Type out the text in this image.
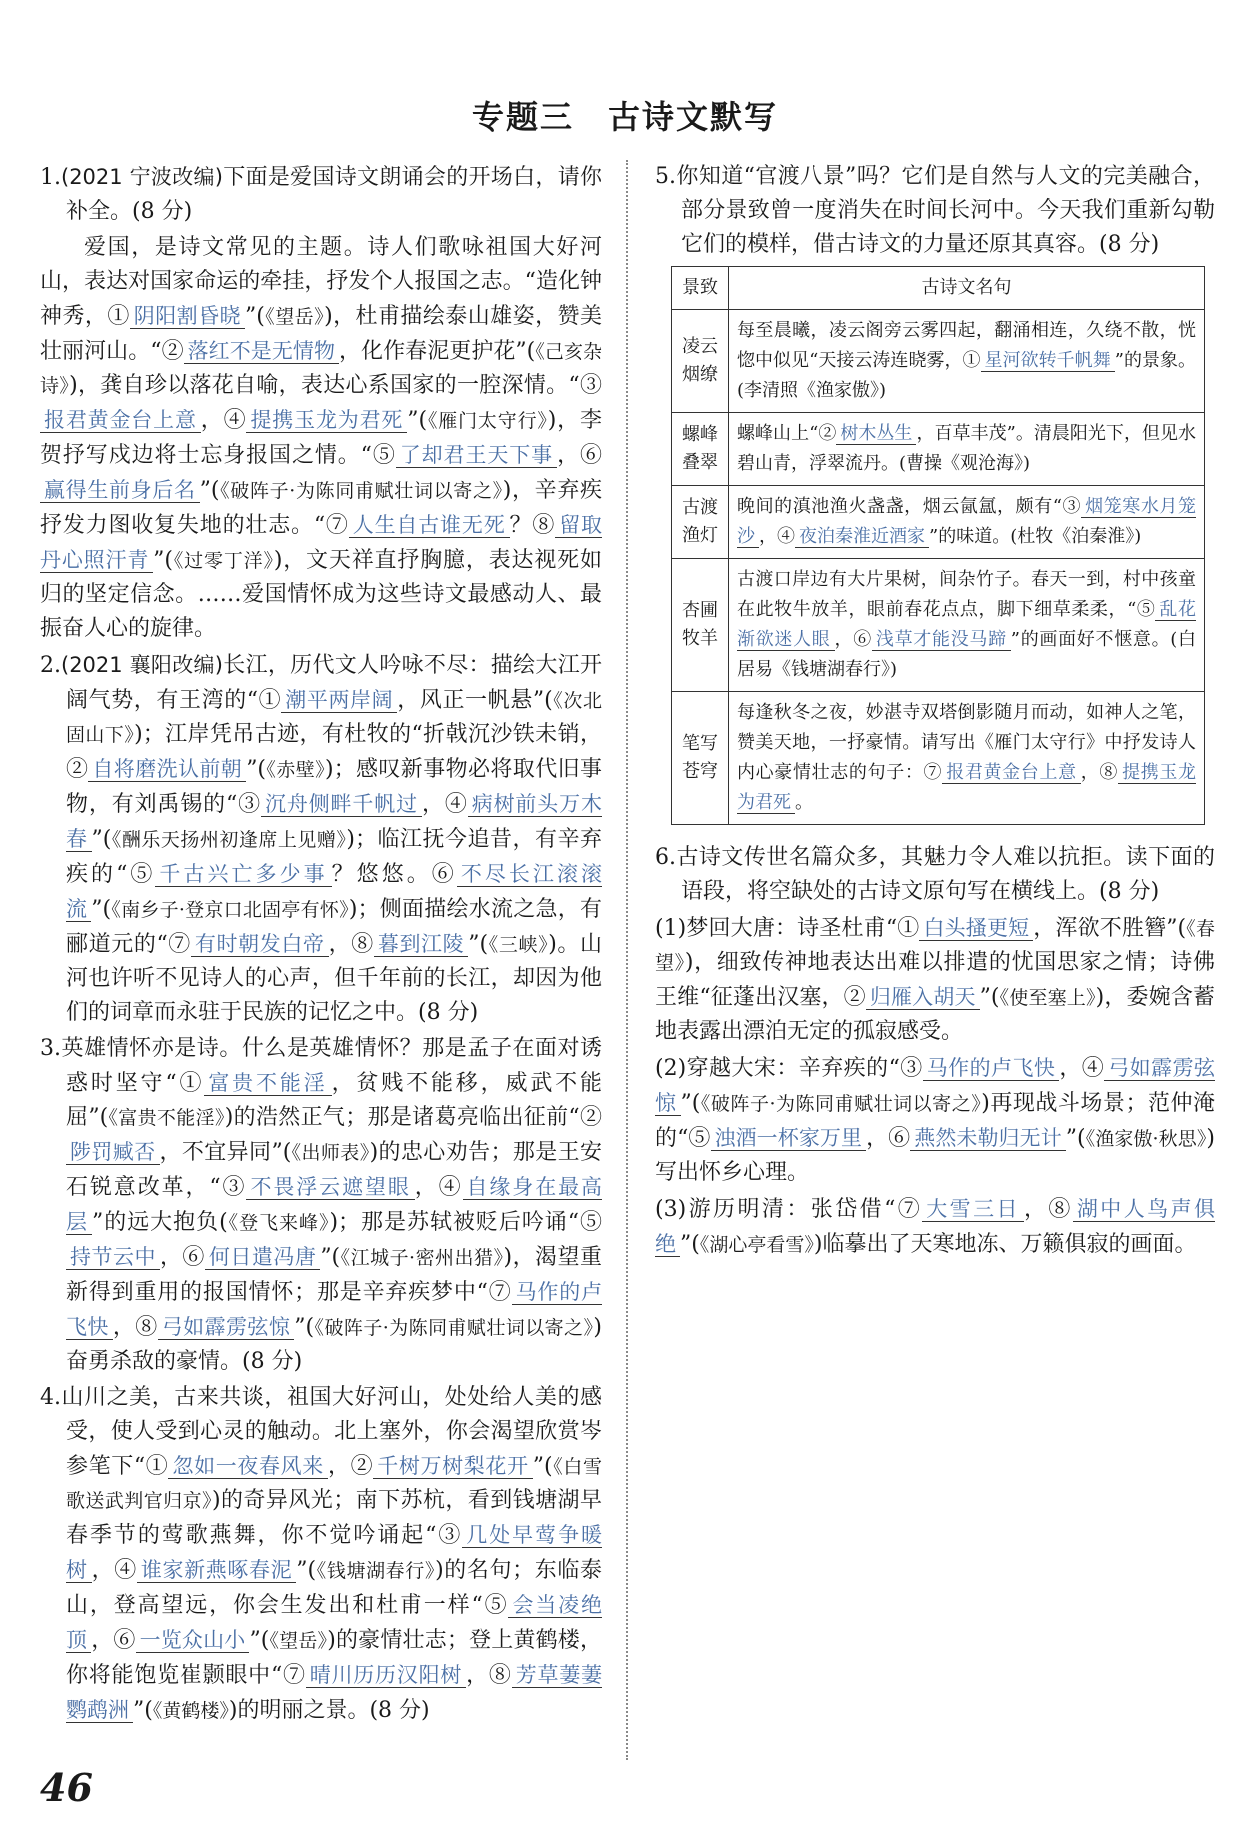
专题三　古诗文默写

1.(2021 宁波改编)下面是爱国诗文朗诵会的开场白，请你补全。(8 分)

爱国，是诗文常见的主题。诗人们歌咏祖国大好河山，表达对国家命运的牵挂，抒发个人报国之志。“造化钟神秀，① 阴阳割昏晓 ”(《望岳》)，杜甫描绘泰山雄姿，赞美壮丽河山。“② 落红不是无情物 ，化作春泥更护花”(《己亥杂诗》)，龚自珍以落花自喻，表达心系国家的一腔深情。“③报君黄金台上意 ，④ 提携玉龙为君死 ”(《雁门太守行》)，李贺抒写戍边将士忘身报国之情。“⑤ 了却君王天下事 ，⑥赢得生前身后名 ”(《破阵子·为陈同甫赋壮词以寄之》)，辛弃疾抒发力图收复失地的壮志。“⑦ 人生自古谁无死 ？⑧ 留取丹心照汗青 ”(《过零丁洋》)，文天祥直抒胸臆，表达视死如归的坚定信念。……爱国情怀成为这些诗文最感动人、最振奋人心的旋律。

2.(2021 襄阳改编)长江，历代文人吟咏不尽：描绘大江开阔气势，有王湾的“① 潮平两岸阔 ，风正一帆悬”(《次北固山下》)；江岸凭吊古迹，有杜牧的“折戟沉沙铁未销，② 自将磨洗认前朝 ”(《赤壁》)；感叹新事物必将取代旧事物，有刘禹锡的“③ 沉舟侧畔千帆过 ，④ 病树前头万木春 ”(《酬乐天扬州初逢席上见赠》)；临江抚今追昔，有辛弃疾的“⑤ 千古兴亡多少事 ？悠悠。⑥ 不尽长江滚滚流 ”(《南乡子·登京口北固亭有怀》)；侧面描绘水流之急，有郦道元的“⑦ 有时朝发白帝 ，⑧ 暮到江陵 ”(《三峡》)。山河也许听不见诗人的心声，但千年前的长江，却因为他们的词章而永驻于民族的记忆之中。(8 分)

3.英雄情怀亦是诗。什么是英雄情怀？那是孟子在面对诱惑时坚守“① 富贵不能淫 ，贫贱不能移，威武不能屈”(《富贵不能淫》)的浩然正气；那是诸葛亮临出征前“②陟罚臧否 ，不宜异同”(《出师表》)的忠心劝告；那是王安石锐意改革，“③ 不畏浮云遮望眼 ，④ 自缘身在最高层 ”的远大抱负(《登飞来峰》)；那是苏轼被贬后吟诵“⑤持节云中 ，⑥ 何日遣冯唐 ”(《江城子·密州出猎》)，渴望重新得到重用的报国情怀；那是辛弃疾梦中“⑦ 马作的卢飞快 ，⑧ 弓如霹雳弦惊 ”(《破阵子·为陈同甫赋壮词以寄之》)奋勇杀敌的豪情。(8 分)

4.山川之美，古来共谈，祖国大好河山，处处给人美的感受，使人受到心灵的触动。北上塞外，你会渴望欣赏岑参笔下“① 忽如一夜春风来 ，② 千树万树梨花开 ”(《白雪歌送武判官归京》)的奇异风光；南下苏杭，看到钱塘湖早春季节的莺歌燕舞，你不觉吟诵起“③ 几处早莺争暖树 ，④ 谁家新燕啄春泥 ”(《钱塘湖春行》)的名句；东临泰山，登高望远，你会生发出和杜甫一样“⑤ 会当凌绝顶 ，⑥ 一览众山小 ”(《望岳》)的豪情壮志；登上黄鹤楼，你将能饱览崔颢眼中“⑦ 晴川历历汉阳树 ，⑧ 芳草萋萋鹦鹉洲 ”(《黄鹤楼》)的明丽之景。(8 分)

5.你知道“官渡八景”吗？它们是自然与人文的完美融合，部分景致曾一度消失在时间长河中。今天我们重新勾勒它们的模样，借古诗文的力量还原其真容。(8 分)

景致	古诗文名句
凌云烟缭	每至晨曦，凌云阁旁云雾四起，翻涌相连，久绕不散，恍惚中似见“天接云涛连晓雾，① 星河欲转千帆舞 ”的景象。(李清照《渔家傲》)
螺峰叠翠	螺峰山上“② 树木丛生 ，百草丰茂”。清晨阳光下，但见水碧山青，浮翠流丹。(曹操《观沧海》)
古渡渔灯	晚间的滇池渔火盏盏，烟云氤氲，颇有“③ 烟笼寒水月笼沙 ，④ 夜泊秦淮近酒家 ”的味道。(杜牧《泊秦淮》)
杏圃牧羊	古渡口岸边有大片果树，间杂竹子。春天一到，村中孩童在此牧牛放羊，眼前春花点点，脚下细草柔柔，“⑤ 乱花渐欲迷人眼 ，⑥ 浅草才能没马蹄 ”的画面好不惬意。(白居易《钱塘湖春行》)
笔写苍穹	每逢秋冬之夜，妙湛寺双塔倒影随月而动，如神人之笔，赞美天地，一抒豪情。请写出《雁门太守行》中抒发诗人内心豪情壮志的句子：⑦ 报君黄金台上意 ，⑧ 提携玉龙为君死 。

6.古诗文传世名篇众多，其魅力令人难以抗拒。读下面的语段，将空缺处的古诗文原句写在横线上。(8 分)

(1)梦回大唐：诗圣杜甫“① 白头搔更短 ，浑欲不胜簪”(《春望》)，细致传神地表达出难以排遣的忧国思家之情；诗佛王维“征蓬出汉塞，② 归雁入胡天 ”(《使至塞上》)，委婉含蓄地表露出漂泊无定的孤寂感受。

(2)穿越大宋：辛弃疾的“③ 马作的卢飞快 ，④ 弓如霹雳弦惊 ”(《破阵子·为陈同甫赋壮词以寄之》)再现战斗场景；范仲淹的“⑤ 浊酒一杯家万里 ，⑥ 燕然未勒归无计 ”(《渔家傲·秋思》)写出怀乡心理。

(3)游历明清：张岱借“⑦ 大雪三日 ，⑧ 湖中人鸟声俱绝 ”(《湖心亭看雪》)临摹出了天寒地冻、万籁俱寂的画面。

46
